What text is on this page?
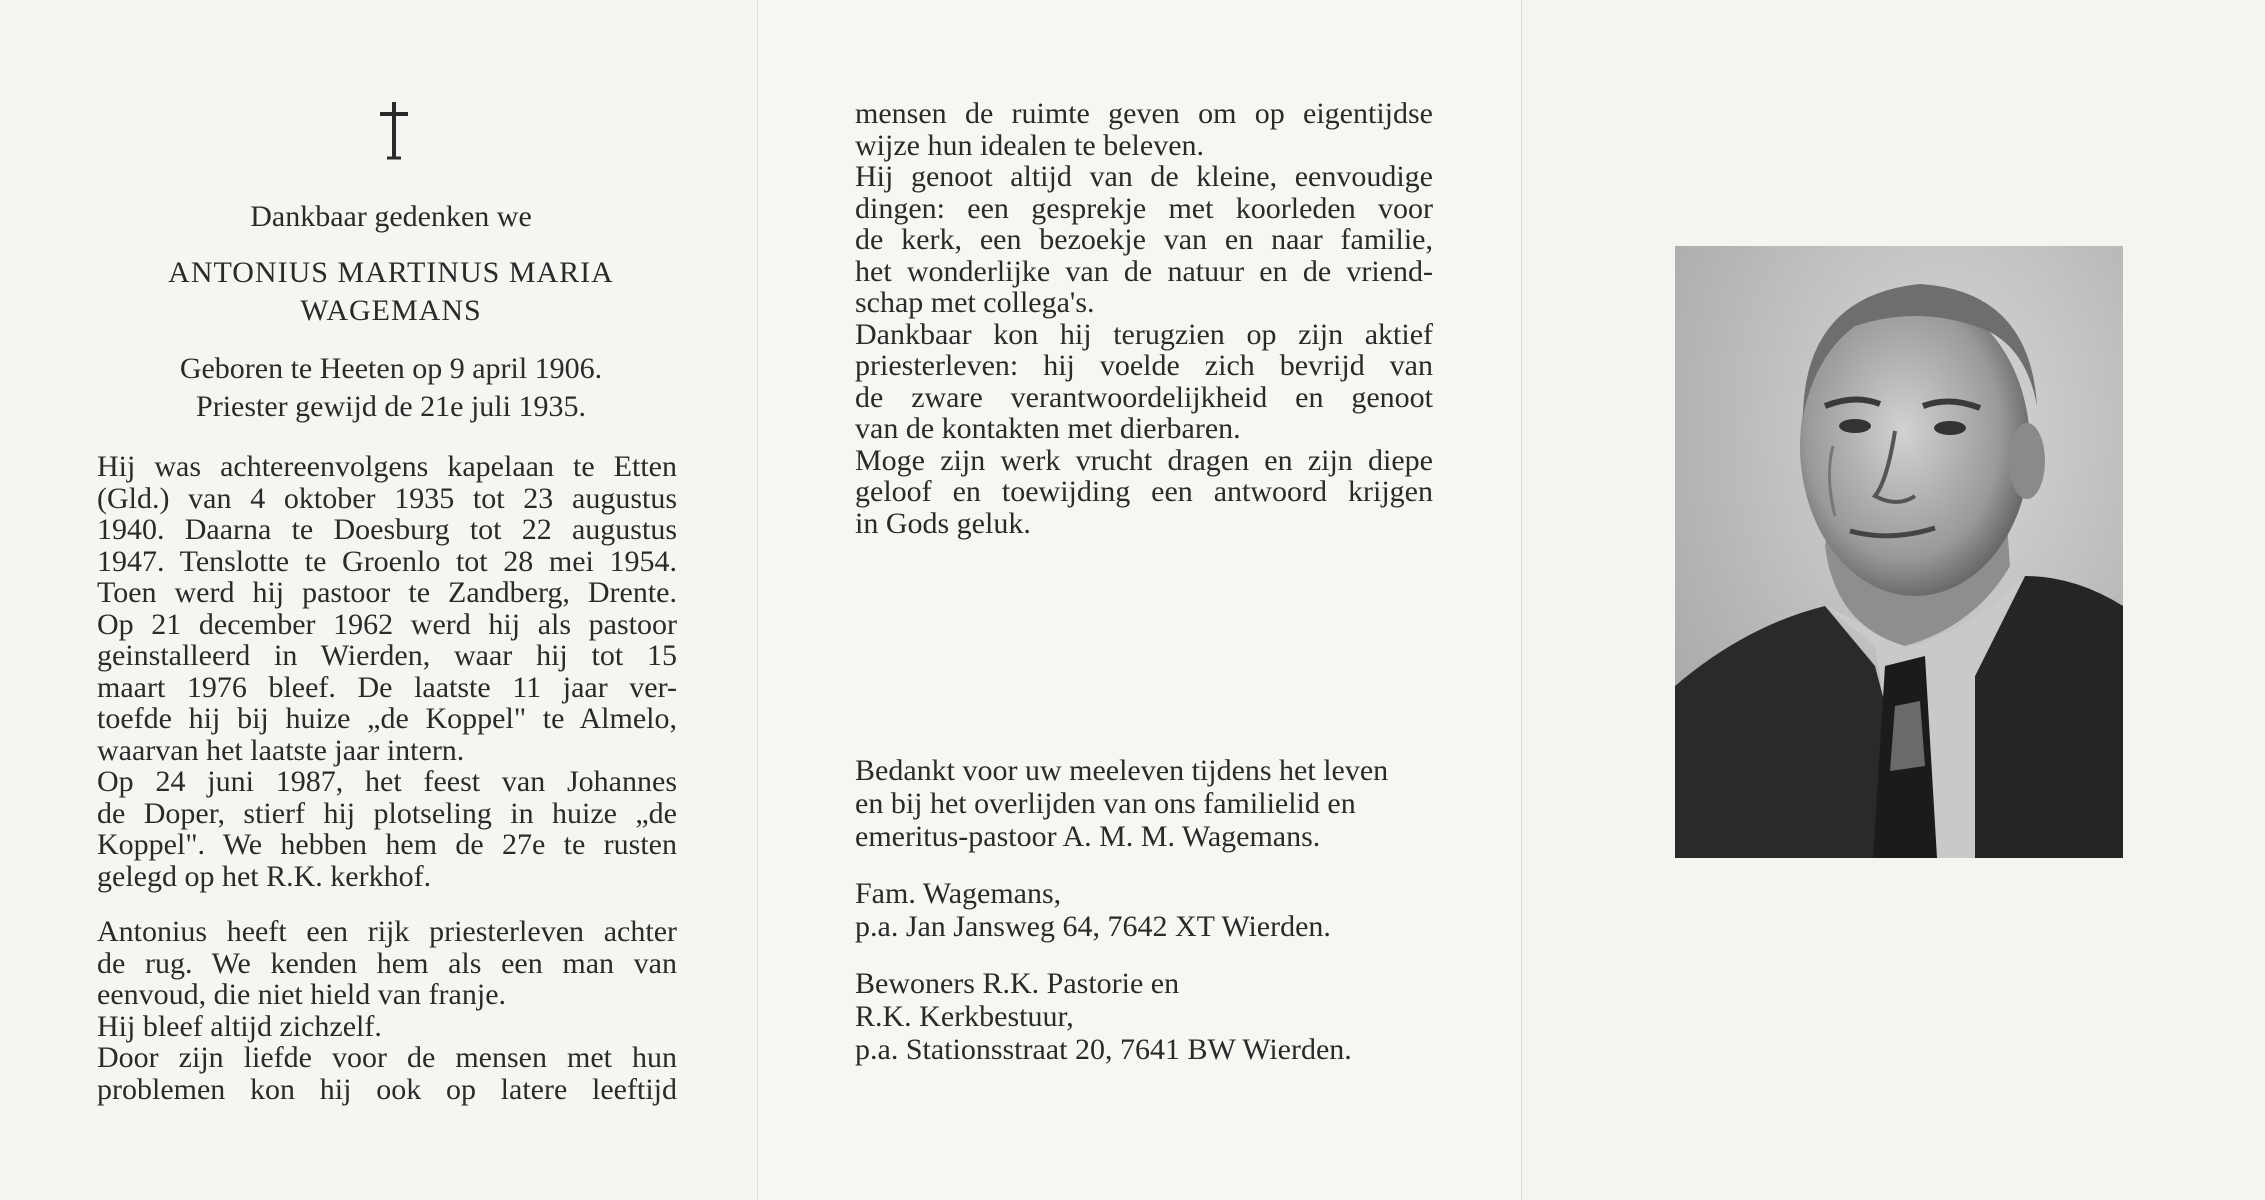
Dankbaar gedenken we
ANTONIUS MARTINUS MARIA
WAGEMANS
Geboren te Heeten op 9 april 1906.
Priester gewijd de 21e juli 1935.
Hij was achtereenvolgens kapelaan te Etten
(Gld.) van 4 oktober 1935 tot 23 augustus
1940. Daarna te Doesburg tot 22 augustus
1947. Tenslotte te Groenlo tot 28 mei 1954.
Toen werd hij pastoor te Zandberg, Drente.
Op 21 december 1962 werd hij als pastoor
geinstalleerd in Wierden, waar hij tot 15
maart 1976 bleef. De laatste 11 jaar ver-
toefde hij bij huize „de Koppel" te Almelo,
waarvan het laatste jaar intern.
Op 24 juni 1987, het feest van Johannes
de Doper, stierf hij plotseling in huize „de
Koppel". We hebben hem de 27e te rusten
gelegd op het R.K. kerkhof.
Antonius heeft een rijk priesterleven achter
de rug. We kenden hem als een man van
eenvoud, die niet hield van franje.
Hij bleef altijd zichzelf.
Door zijn liefde voor de mensen met hun
problemen kon hij ook op latere leeftijd
mensen de ruimte geven om op eigentijdse
wijze hun idealen te beleven.
Hij genoot altijd van de kleine, eenvoudige
dingen: een gesprekje met koorleden voor
de kerk, een bezoekje van en naar familie,
het wonderlijke van de natuur en de vriend-
schap met collega's.
Dankbaar kon hij terugzien op zijn aktief
priesterleven: hij voelde zich bevrijd van
de zware verantwoordelijkheid en genoot
van de kontakten met dierbaren.
Moge zijn werk vrucht dragen en zijn diepe
geloof en toewijding een antwoord krijgen
in Gods geluk.
Bedankt voor uw meeleven tijdens het leven
en bij het overlijden van ons familielid en
emeritus-pastoor A. M. M. Wagemans.
Fam. Wagemans,
p.a. Jan Jansweg 64, 7642 XT Wierden.
Bewoners R.K. Pastorie en
R.K. Kerkbestuur,
p.a. Stationsstraat 20, 7641 BW Wierden.
